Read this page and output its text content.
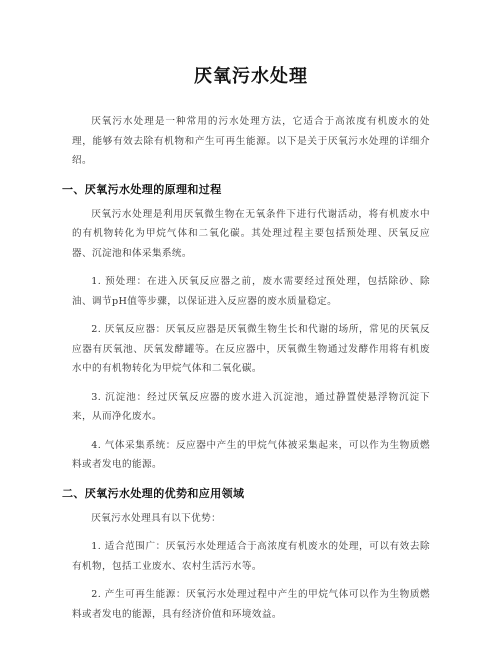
厌氧污水处理

厌氧污水处理是一种常用的污水处理方法，它适合于高浓度有机废水的处理，能够有效去除有机物和产生可再生能源。以下是关于厌氧污水处理的详细介绍。

一、厌氧污水处理的原理和过程

厌氧污水处理是利用厌氧微生物在无氧条件下进行代谢活动，将有机废水中的有机物转化为甲烷气体和二氧化碳。其处理过程主要包括预处理、厌氧反应器、沉淀池和体采集系统。

1. 预处理：在进入厌氧反应器之前，废水需要经过预处理，包括除砂、除油、调节pH值等步骤，以保证进入反应器的废水质量稳定。

2. 厌氧反应器：厌氧反应器是厌氧微生物生长和代谢的场所，常见的厌氧反应器有厌氧池、厌氧发酵罐等。在反应器中，厌氧微生物通过发酵作用将有机废水中的有机物转化为甲烷气体和二氧化碳。

3. 沉淀池：经过厌氧反应器的废水进入沉淀池，通过静置使悬浮物沉淀下来，从而净化废水。

4. 气体采集系统：反应器中产生的甲烷气体被采集起来，可以作为生物质燃料或者发电的能源。

二、厌氧污水处理的优势和应用领域

厌氧污水处理具有以下优势：

1. 适合范围广：厌氧污水处理适合于高浓度有机废水的处理，可以有效去除有机物，包括工业废水、农村生活污水等。

2. 产生可再生能源：厌氧污水处理过程中产生的甲烷气体可以作为生物质燃料或者发电的能源，具有经济价值和环境效益。
